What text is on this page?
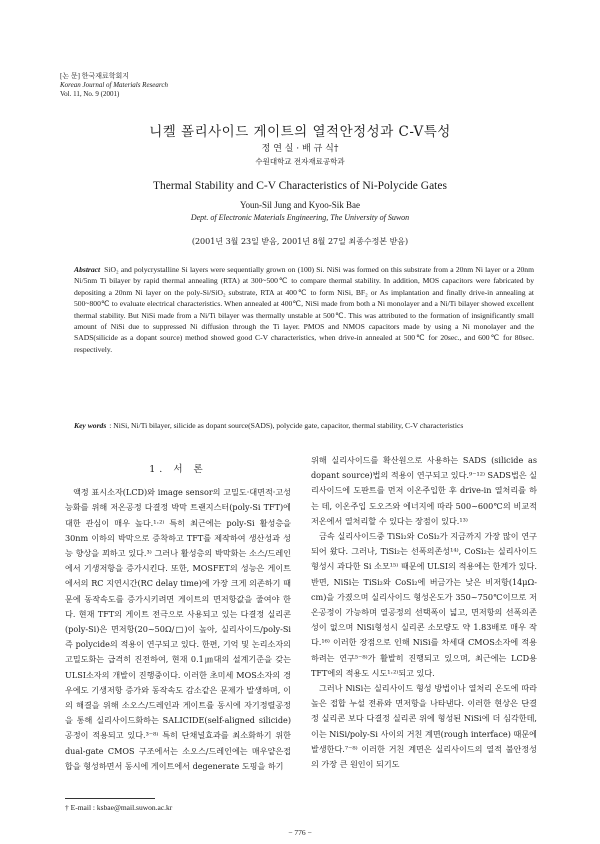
[논 문] 한국재료학회지
Korean Journal of Materials Research
Vol. 11, No. 9 (2001)
니켈 폴리사이드 게이트의 열적안정성과 C-V특성
정 연 실 · 배 규 식†
수원대학교 전자재료공학과
Thermal Stability and C-V Characteristics of Ni-Polycide Gates
Youn-Sil Jung and Kyoo-Sik Bae
Dept. of Electronic Materials Engineering, The University of Suwon
(2001년 3월 23일 받음, 2001년 8월 27일 최종수정본 받음)
Abstract SiO₂ and polycrystalline Si layers were sequentially grown on (100) Si. NiSi was formed on this substrate from a 20nm Ni layer or a 20nm Ni/5nm Ti bilayer by rapid thermal annealing (RTA) at 300~500℃ to compare thermal stability. In addition, MOS capacitors were fabricated by depositing a 20nm Ni layer on the poly-Si/SiO₂ substrate, RTA at 400℃ to form NiSi, BF₂ or As implantation and finally drive-in annealing at 500~800℃ to evaluate electrical characteristics. When annealed at 400℃, NiSi made from both a Ni monolayer and a Ni/Ti bilayer showed excellent thermal stability. But NiSi made from a Ni/Ti bilayer was thermally unstable at 500℃. This was attributed to the formation of insignificantly small amount of NiSi due to suppressed Ni diffusion through the Ti layer. PMOS and NMOS capacitors made by using a Ni monolayer and the SADS(silicide as a dopant source) method showed good C-V characteristics, when drive-in annealed at 500℃ for 20sec., and 600℃ for 80sec. respectively.
Key words : NiSi, Ni/Ti bilayer, silicide as dopant source(SADS), polycide gate, capacitor, thermal stability, C-V characteristics
1. 서 론

액정 표시소자(LCD)와 image sensor의 고밀도·대면적·고성능화를 위해 저온공정 다결정 박막 트랜지스터(poly-Si TFT)에 대한 관심이 매우 높다.¹·²⁾ 특히 최근에는 poly-Si 활성층을 30nm 이하의 박막으로 증착하고 TFT를 제작하여 생산성과 성능 향상을 꾀하고 있다.³⁾ 그러나 활성층의 박막화는 소스/드레인에서 기생저항을 증가시킨다. 또한, MOSFET의 성능은 게이트에서의 RC 지연시간(RC delay time)에 가장 크게 의존하기 때문에 동작속도를 증가시키려면 게이트의 면저항값을 줄여야 한다. 현재 TFT의 게이트 전극으로 사용되고 있는 다결정 실리콘(poly-Si)은 면저항(20~50Ω/□)이 높아, 실리사이드/poly-Si 즉 polycide의 적용이 연구되고 있다. 한편, 기억 및 논리소자의 고밀도화는 급격히 진전하여, 현재 0.1㎛대의 설계기준을 갖는 ULSI소자의 개발이 진행중이다. 이러한 초미세 MOS소자의 경우에도 기생저항 증가와 동작속도 감소같은 문제가 발생하며, 이의 해결을 위해 소오스/드레인과 게이트를 동시에 자기정렬공정을 통해 실리사이드화하는 SALICIDE(self-aligned silicide) 공정이 적용되고 있다.³⁻⁸⁾ 특히 단채널효과를 최소화하기 위한 dual-gate CMOS 구조에서는 소오스/드레인에는 매우얕은접합을 형성하면서 동시에 게이트에서 degenerate 도핑을 하기

위해 실리사이드를 확산원으로 사용하는 SADS (silicide as dopant source)법의 적용이 연구되고 있다.⁹⁻¹²⁾ SADS법은 실리사이드에 도판트를 먼저 이온주입한 후 drive-in 열처리를 하는 데, 이온주입 도오즈와 에너지에 따라 500~600℃의 비교적 저온에서 열처리할 수 있다는 장점이 있다.¹³⁾

금속 실리사이드중 TiSi₂와 CoSi₂가 지금까지 가장 많이 연구되어 왔다. 그러나, TiSi₂는 선폭의존성¹⁴⁾, CoSi₂는 실리사이드 형성시 과다한 Si 소모¹⁵⁾ 때문에 ULSI의 적용에는 한계가 있다. 반면, NiSi는 TiSi₂와 CoSi₂에 버금가는 낮은 비저항(14μΩ-cm)을 가졌으며 실리사이드 형성온도가 350~750℃이므로 저온공정이 가능하며 열공정의 선택폭이 넓고, 면저항의 선폭의존성이 없으며 NiSi형성시 실리콘 소모량도 약 1.83배로 매우 작다.¹⁶⁾ 이러한 장점으로 인해 NiSi를 차세대 CMOS소자에 적용하려는 연구⁵⁻⁸⁾가 활발히 진행되고 있으며, 최근에는 LCD용 TFT에의 적용도 시도¹·²⁾되고 있다.

그러나 NiSi는 실리사이드 형성 방법이나 열처리 온도에 따라 높은 접합 누설 전류와 면저항을 나타낸다. 이러한 현상은 단결정 실리콘 보다 다결정 실리콘 위에 형성된 NiSi에 더 심각한데, 이는 NiSi/poly-Si 사이의 거친 계면(rough interface) 때문에 발생한다.⁷⁻⁸⁾ 이러한 거친 계면은 실리사이드의 열적 불안정성의 가장 큰 원인이 되기도

† E-mail : ksbae@mail.suwon.ac.kr
− 776 −
